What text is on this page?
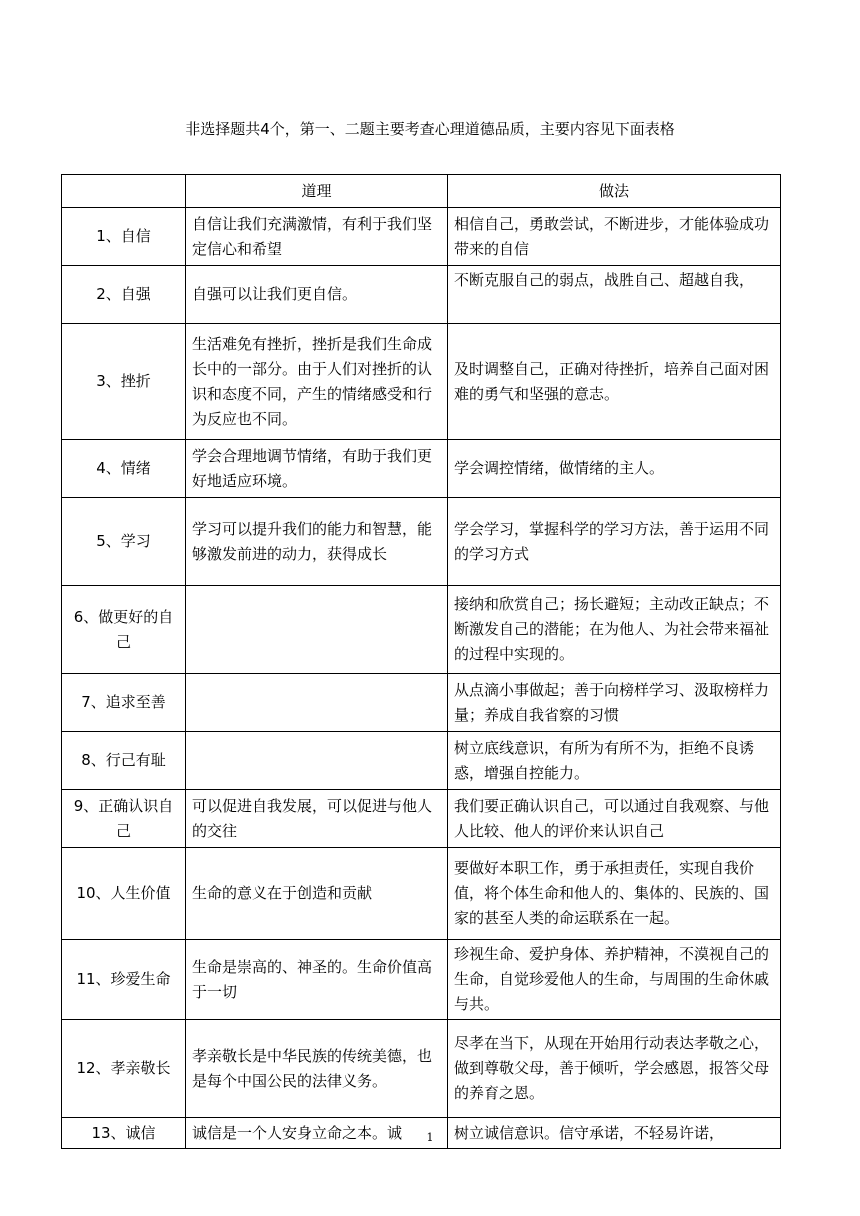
非选择题共4个，第一、二题主要考查心理道德品质，主要内容见下面表格
	道理	做法
1、自信	自信让我们充满激情，有利于我们坚定信心和希望	相信自己，勇敢尝试，不断进步，才能体验成功带来的自信
2、自强	自强可以让我们更自信。	不断克服自己的弱点，战胜自己、超越自我，
3、挫折	生活难免有挫折，挫折是我们生命成长中的一部分。由于人们对挫折的认识和态度不同，产生的情绪感受和行为反应也不同。	及时调整自己，正确对待挫折，培养自己面对困难的勇气和坚强的意志。
4、情绪	学会合理地调节情绪，有助于我们更好地适应环境。	学会调控情绪，做情绪的主人。
5、学习	学习可以提升我们的能力和智慧，能够激发前进的动力，获得成长	学会学习，掌握科学的学习方法，善于运用不同的学习方式
6、做更好的自己		接纳和欣赏自己；扬长避短；主动改正缺点；不断激发自己的潜能；在为他人、为社会带来福祉的过程中实现的。
7、追求至善		从点滴小事做起；善于向榜样学习、汲取榜样力量；养成自我省察的习惯
8、行己有耻		树立底线意识，有所为有所不为，拒绝不良诱惑，增强自控能力。
9、正确认识自己	可以促进自我发展，可以促进与他人的交往	我们要正确认识自己，可以通过自我观察、与他人比较、他人的评价来认识自己
10、人生价值	生命的意义在于创造和贡献	要做好本职工作，勇于承担责任，实现自我价值，将个体生命和他人的、集体的、民族的、国家的甚至人类的命运联系在一起。
11、珍爱生命	生命是崇高的、神圣的。生命价值高于一切	珍视生命、爱护身体、养护精神，不漠视自己的生命，自觉珍爱他人的生命，与周围的生命休戚与共。
12、孝亲敬长	孝亲敬长是中华民族的传统美德，也是每个中国公民的法律义务。	尽孝在当下，从现在开始用行动表达孝敬之心，做到尊敬父母，善于倾听，学会感恩，报答父母的养育之恩。
13、诚信	诚信是一个人安身立命之本。诚	树立诚信意识。信守承诺，不轻易许诺，
1
